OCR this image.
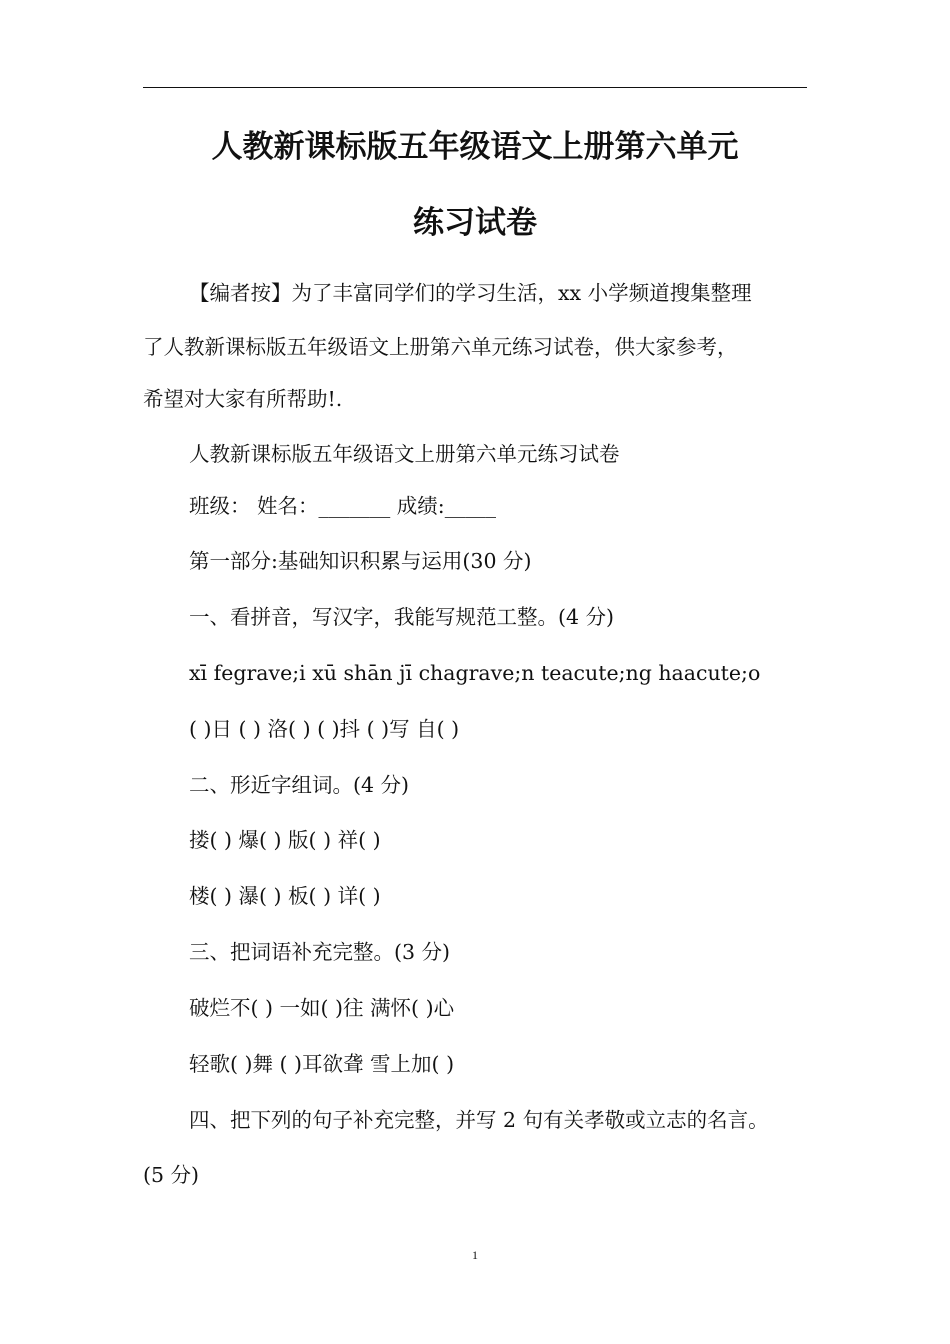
人教新课标版五年级语文上册第六单元
练习试卷
【编者按】为了丰富同学们的学习生活，xx 小学频道搜集整理
了人教新课标版五年级语文上册第六单元练习试卷，供大家参考，
希望对大家有所帮助!.
人教新课标版五年级语文上册第六单元练习试卷
班级： 姓名：_______ 成绩:_____
第一部分:基础知识积累与运用(30 分)
一、看拼音，写汉字，我能写规范工整。(4 分)
xī fegrave;i xū shān jī chagrave;n teacute;ng haacute;o
( )日 ( ) 洛( ) ( )抖 ( )写 自( )
二、形近字组词。(4 分)
搂( ) 爆( ) 版( ) 祥( )
楼( ) 瀑( ) 板( ) 详( )
三、把词语补充完整。(3 分)
破烂不( ) 一如( )往 满怀( )心
轻歌( )舞 ( )耳欲聋 雪上加( )
四、把下列的句子补充完整，并写 2 句有关孝敬或立志的名言。
(5 分)
1
